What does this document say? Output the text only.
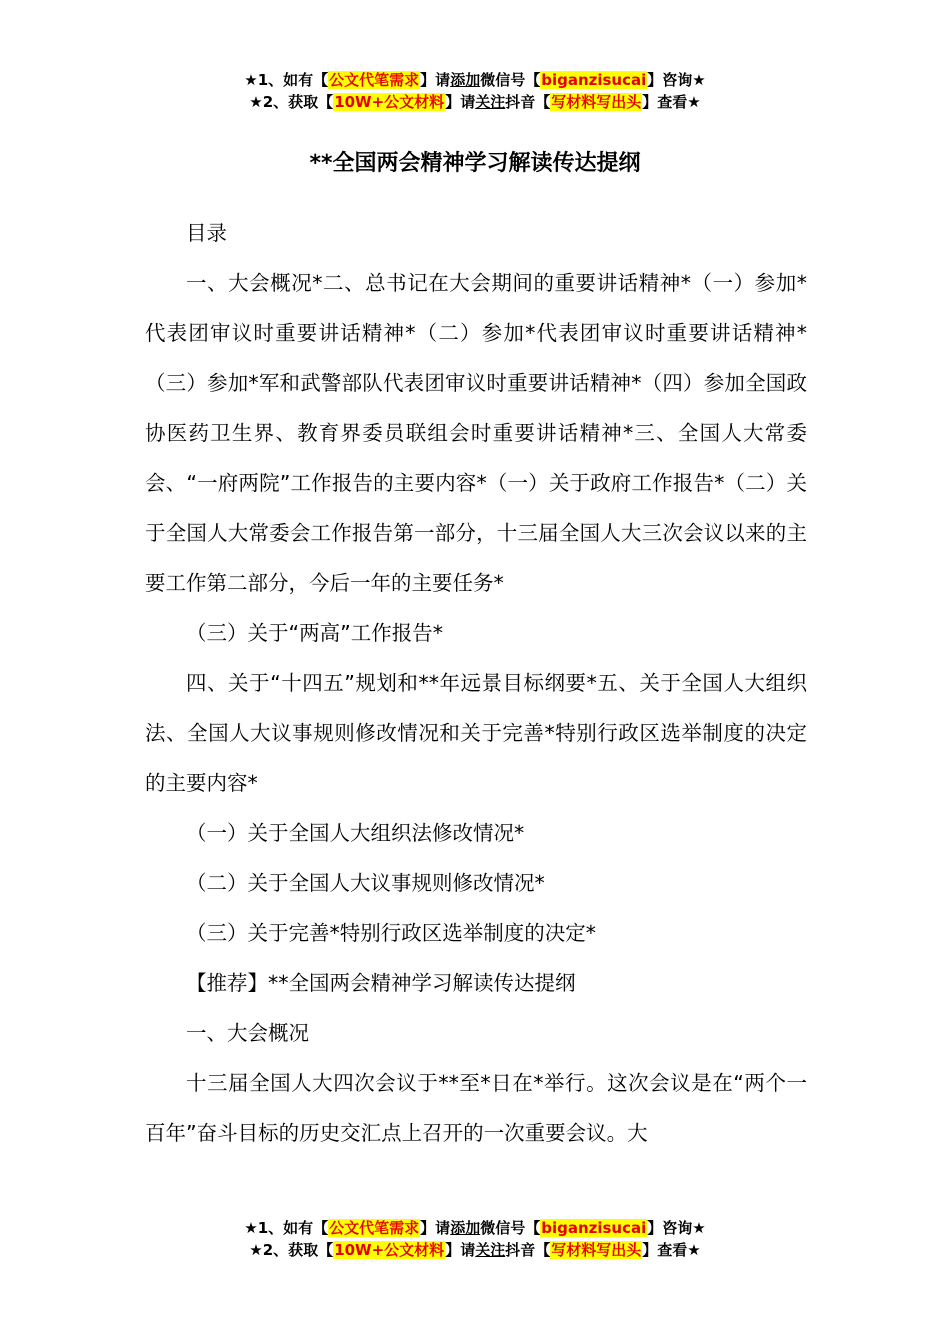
★1、如有【公文代笔需求】请添加微信号【biganzisucai】咨询★
★2、获取【10W+公文材料】请关注抖音【写材料写出头】查看★
**全国两会精神学习解读传达提纲

目录

一、大会概况*二、总书记在大会期间的重要讲话精神*（一）参加*代表团审议时重要讲话精神*（二）参加*代表团审议时重要讲话精神*（三）参加*军和武警部队代表团审议时重要讲话精神*（四）参加全国政协医药卫生界、教育界委员联组会时重要讲话精神*三、全国人大常委会、“一府两院”工作报告的主要内容*（一）关于政府工作报告*（二）关于全国人大常委会工作报告第一部分，十三届全国人大三次会议以来的主要工作第二部分，今后一年的主要任务*

（三）关于“两高”工作报告*

四、关于“十四五”规划和**年远景目标纲要*五、关于全国人大组织法、全国人大议事规则修改情况和关于完善*特别行政区选举制度的决定的主要内容*

（一）关于全国人大组织法修改情况*

（二）关于全国人大议事规则修改情况*

（三）关于完善*特别行政区选举制度的决定*

【推荐】**全国两会精神学习解读传达提纲

一、大会概况

十三届全国人大四次会议于**至*日在*举行。这次会议是在“两个一百年”奋斗目标的历史交汇点上召开的一次重要会议。大

★1、如有【公文代笔需求】请添加微信号【biganzisucai】咨询★
★2、获取【10W+公文材料】请关注抖音【写材料写出头】查看★
